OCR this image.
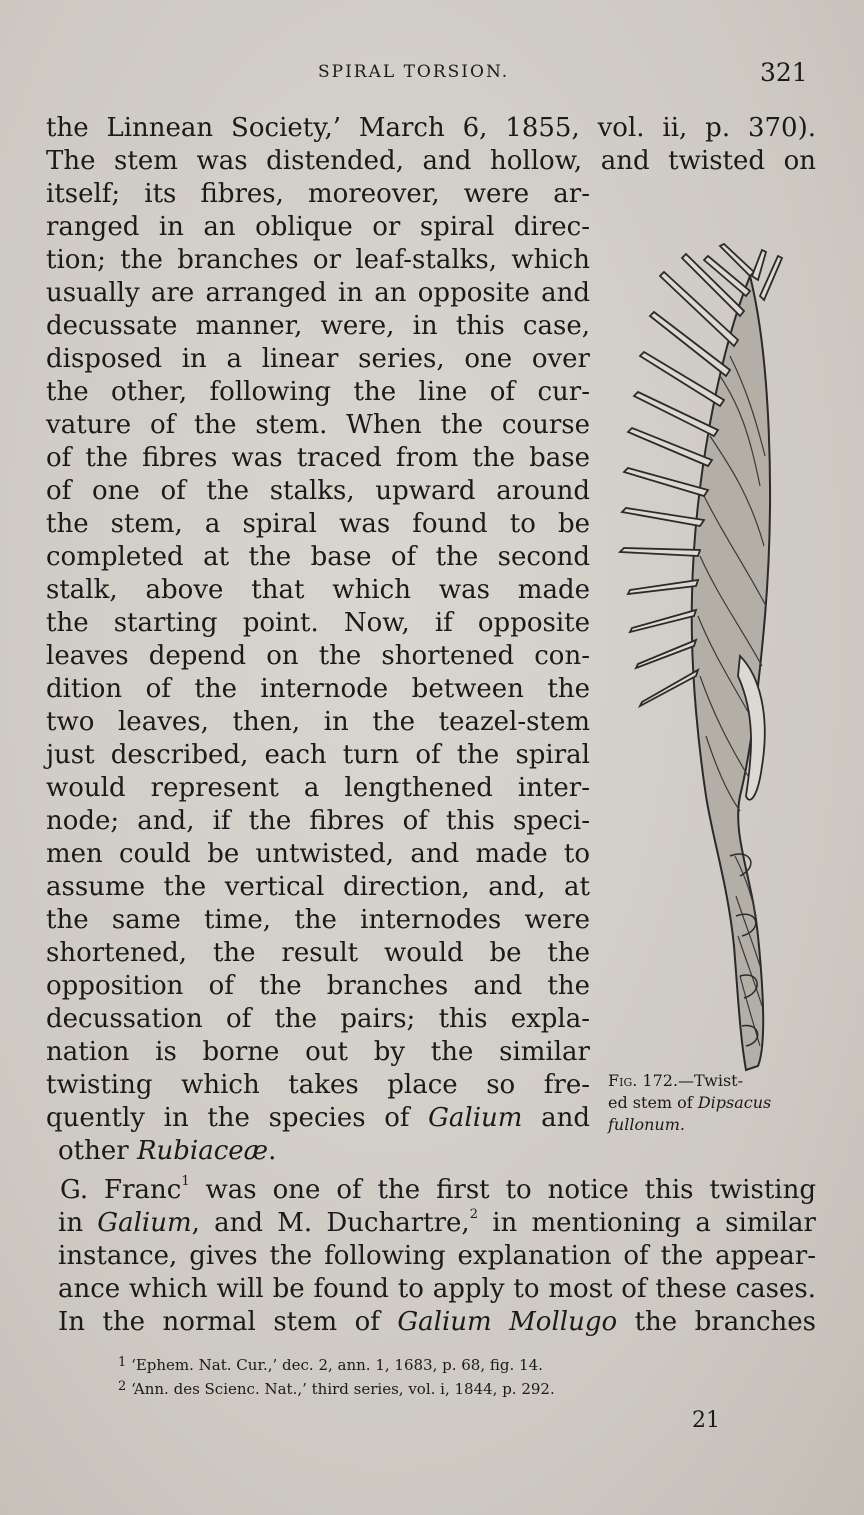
SPIRAL TORSION.	321
the Linnean Society,’ March 6, 1855, vol. ii, p. 370).
The stem was distended, and hollow, and twisted on
itself; its fibres, moreover, were ar-
ranged in an oblique or spiral direc-
tion; the branches or leaf-stalks, which
usually are arranged in an opposite and
decussate manner, were, in this case,
disposed in a linear series, one over
the other, following the line of cur-
vature of the stem. When the course
of the fibres was traced from the base
of one of the stalks, upward around
the stem, a spiral was found to be
completed at the base of the second
stalk, above that which was made
the starting point. Now, if opposite
leaves depend on the shortened con-
dition of the internode between the
two leaves, then, in the teazel-stem
just described, each turn of the spiral
would represent a lengthened inter-
node; and, if the fibres of this speci-
men could be untwisted, and made to
assume the vertical direction, and, at
the same time, the internodes were
shortened, the result would be the
opposition of the branches and the
decussation of the pairs; this expla-
nation is borne out by the similar
twisting which takes place so fre-
quently in the species of Galium and
other Rubiaceæ.
G. Franc$^1$ was one of the first to notice this twisting
in Galium, and M. Duchartre,$^2$ in mentioning a similar
instance, gives the following explanation of the appear-
ance which will be found to apply to most of these cases.
In the normal stem of Galium Mollugo the branches
Fig. 172.—Twist-
ed stem of Dipsacus
fullonum.
$^1$ ‘Ephem. Nat. Cur.,’ dec. 2, ann. 1, 1683, p. 68, fig. 14.
$^2$ ‘Ann. des Scienc. Nat.,’ third series, vol. i, 1844, p. 292.
21
